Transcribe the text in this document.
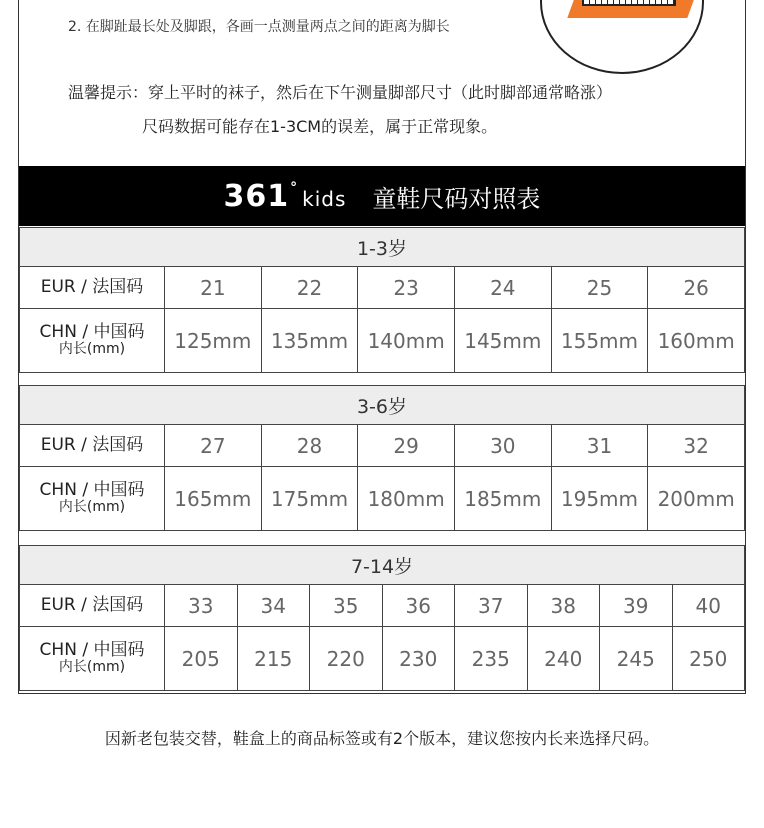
2. 在脚趾最长处及脚跟，各画一点测量两点之间的距离为脚长
温馨提示：穿上平时的袜子，然后在下午测量脚部尺寸（此时脚部通常略涨）
尺码数据可能存在1-3CM的误差，属于正常现象。
361 ° kids 童鞋尺码对照表
1-3岁						
EUR / 法国码	21	22	23	24	25	26
CHN / 中国码
内长(mm)	125mm	135mm	140mm	145mm	155mm	160mm
3-6岁						
EUR / 法国码	27	28	29	30	31	32
CHN / 中国码
内长(mm)	165mm	175mm	180mm	185mm	195mm	200mm
7-14岁								
EUR / 法国码	33	34	35	36	37	38	39	40
CHN / 中国码
内长(mm)	205	215	220	230	235	240	245	250
因新老包装交替，鞋盒上的商品标签或有2个版本，建议您按内长来选择尺码。
